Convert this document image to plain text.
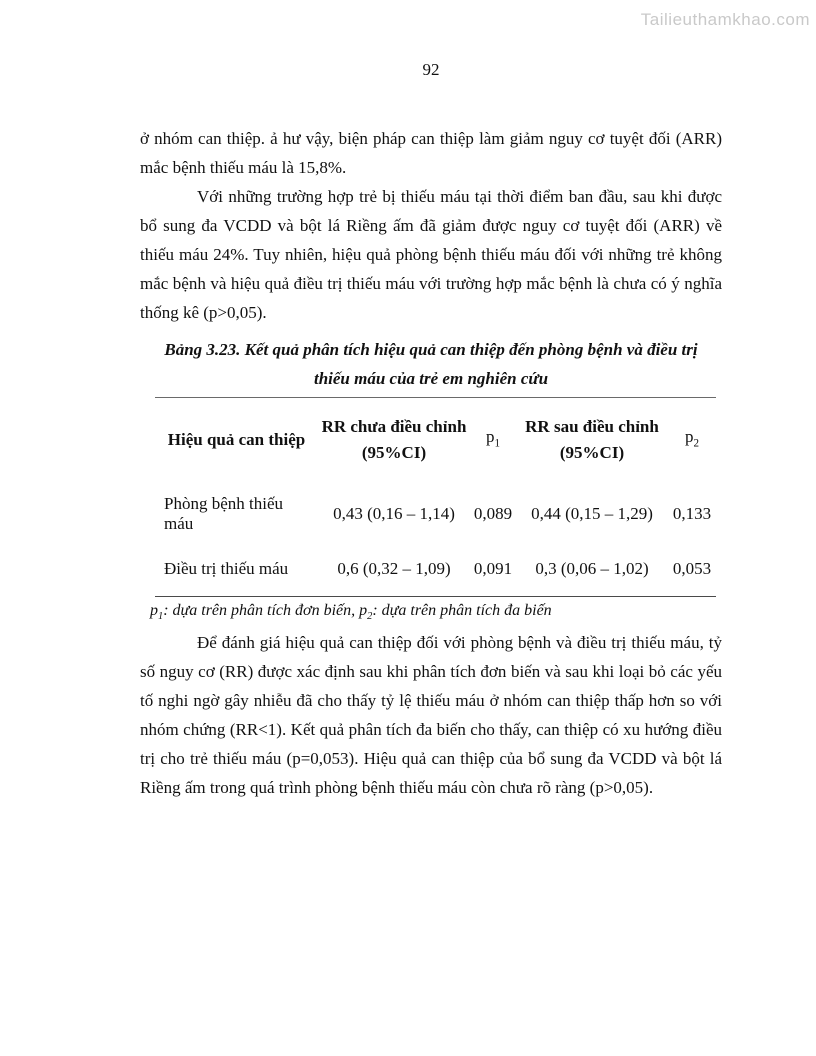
Tailieuthamkhao.com
92

ở nhóm can thiệp. ả hư vậy, biện pháp can thiệp làm giảm nguy cơ tuyệt đối (ARR) mắc bệnh thiếu máu là 15,8%.

Với những trường hợp trẻ bị thiếu máu tại thời điểm ban đầu, sau khi được bổ sung đa VCDD và bột lá Riềng ấm đã giảm được nguy cơ tuyệt đối (ARR) về thiếu máu 24%. Tuy nhiên, hiệu quả phòng bệnh thiếu máu đối với những trẻ không mắc bệnh và hiệu quả điều trị thiếu máu với trường hợp mắc bệnh là chưa có ý nghĩa thống kê (p>0,05).

Bảng 3.23. Kết quả phân tích hiệu quả can thiệp đến phòng bệnh và điều trị
thiếu máu của trẻ em nghiên cứu
Hiệu quả can thiệp	RR chưa điều chỉnh (95%CI)	$p_1$	RR sau điều chỉnh (95%CI)	$p_2$
Phòng bệnh thiếu máu	0,43 (0,16 – 1,14)	0,089	0,44 (0,15 – 1,29)	0,133
Điều trị thiếu máu	0,6 (0,32 – 1,09)	0,091	0,3 (0,06 – 1,02)	0,053
$p_1$: dựa trên phân tích đơn biến, $p_2$: dựa trên phân tích đa biến

Để đánh giá hiệu quả can thiệp đối với phòng bệnh và điều trị thiếu máu, tỷ số nguy cơ (RR) được xác định sau khi phân tích đơn biến và sau khi loại bỏ các yếu tố nghi ngờ gây nhiễu đã cho thấy tỷ lệ thiếu máu ở nhóm can thiệp thấp hơn so với nhóm chứng (RR<1). Kết quả phân tích đa biến cho thấy, can thiệp có xu hướng điều trị cho trẻ thiếu máu (p=0,053). Hiệu quả can thiệp của bổ sung đa VCDD và bột lá Riềng ấm trong quá trình phòng bệnh thiếu máu còn chưa rõ ràng (p>0,05).
